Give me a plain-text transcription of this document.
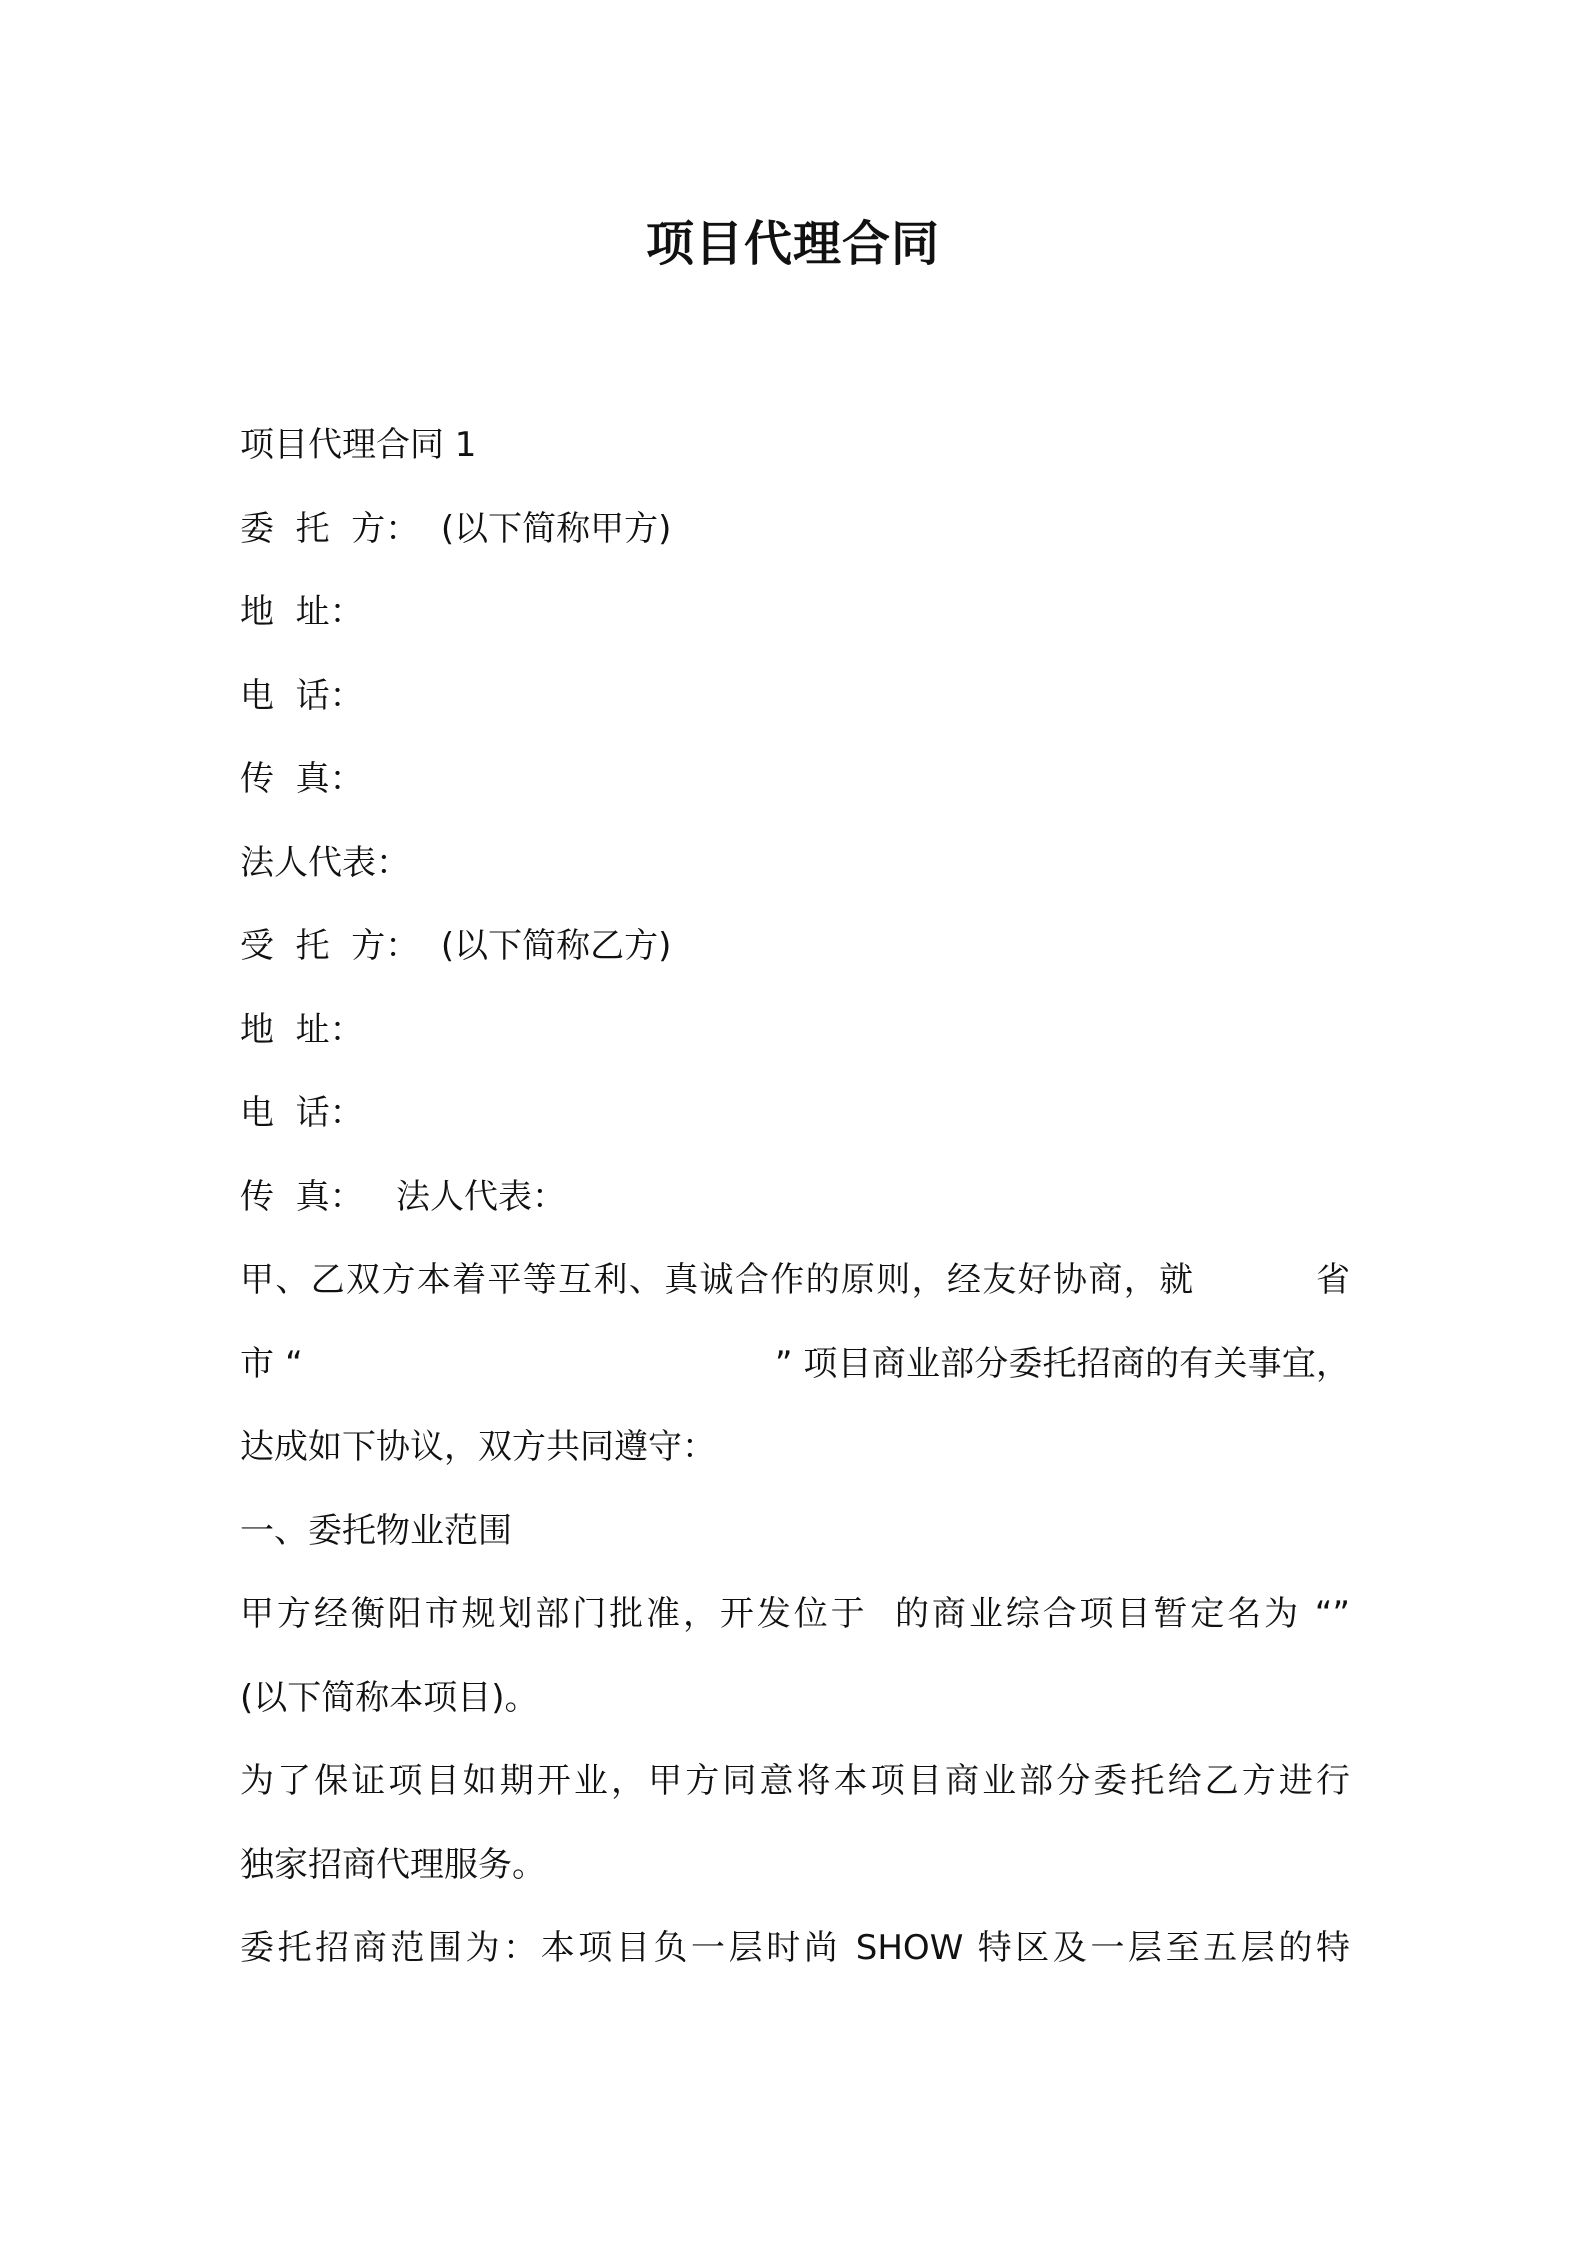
项目代理合同
项目代理合同 1
委  托  方：  (以下简称甲方)
地  址：
电  话：
传  真：
法人代表：
受  托  方：  (以下简称乙方)
地  址：
电  话：
传  真：   法人代表：
甲、乙双方本着平等互利、真诚合作的原则，经友好协商，就          省
市 “                                           ” 项目商业部分委托招商的有关事宜，
达成如下协议，双方共同遵守：
一、委托物业范围
甲方经衡阳市规划部门批准，开发位于  的商业综合项目暂定名为 “”
(以下简称本项目)。
为了保证项目如期开业，甲方同意将本项目商业部分委托给乙方进行
独家招商代理服务。
委托招商范围为：本项目负一层时尚 SHOW 特区及一层至五层的特
